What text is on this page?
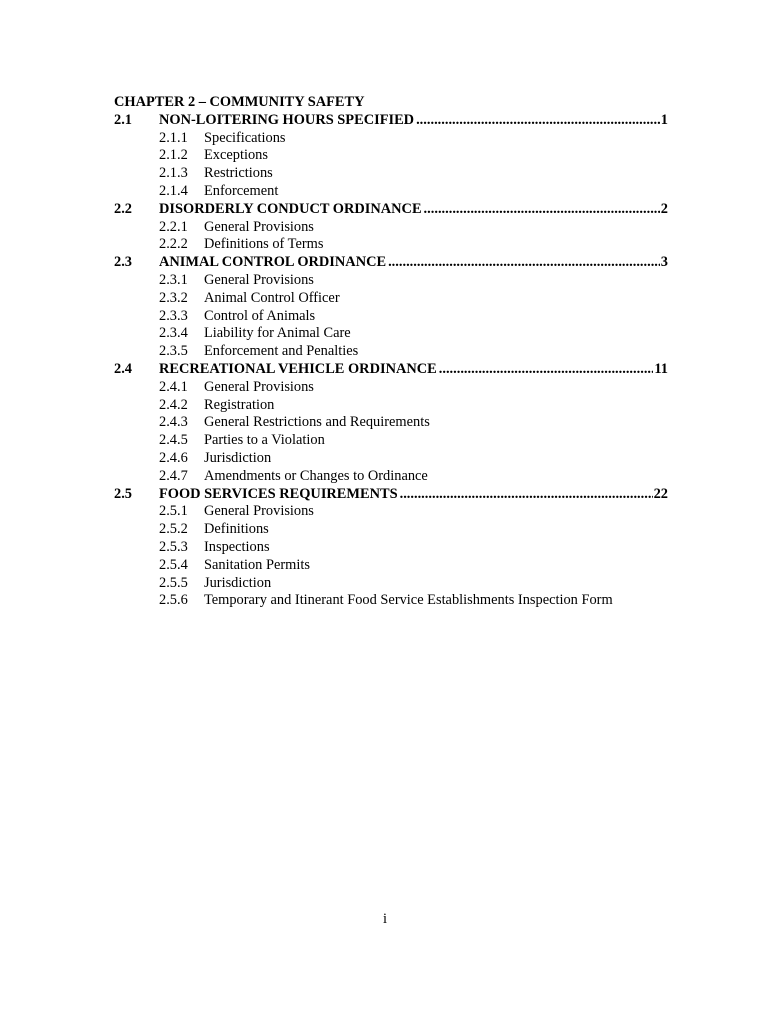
CHAPTER 2 – COMMUNITY SAFETY
2.1 NON-LOITERING HOURS SPECIFIED .....	1
2.1.1 Specifications
2.1.2 Exceptions
2.1.3 Restrictions
2.1.4 Enforcement
2.2 DISORDERLY CONDUCT ORDINANCE .....	2
2.2.1 General Provisions
2.2.2 Definitions of Terms
2.3 ANIMAL CONTROL ORDINANCE .....	3
2.3.1 General Provisions
2.3.2 Animal Control Officer
2.3.3 Control of Animals
2.3.4 Liability for Animal Care
2.3.5 Enforcement and Penalties
2.4 RECREATIONAL VEHICLE ORDINANCE .....	11
2.4.1 General Provisions
2.4.2 Registration
2.4.3 General Restrictions and Requirements
2.4.5 Parties to a Violation
2.4.6 Jurisdiction
2.4.7 Amendments or Changes to Ordinance
2.5 FOOD SERVICES REQUIREMENTS .....	22
2.5.1 General Provisions
2.5.2 Definitions
2.5.3 Inspections
2.5.4 Sanitation Permits
2.5.5 Jurisdiction
2.5.6 Temporary and Itinerant Food Service Establishments Inspection Form
i
